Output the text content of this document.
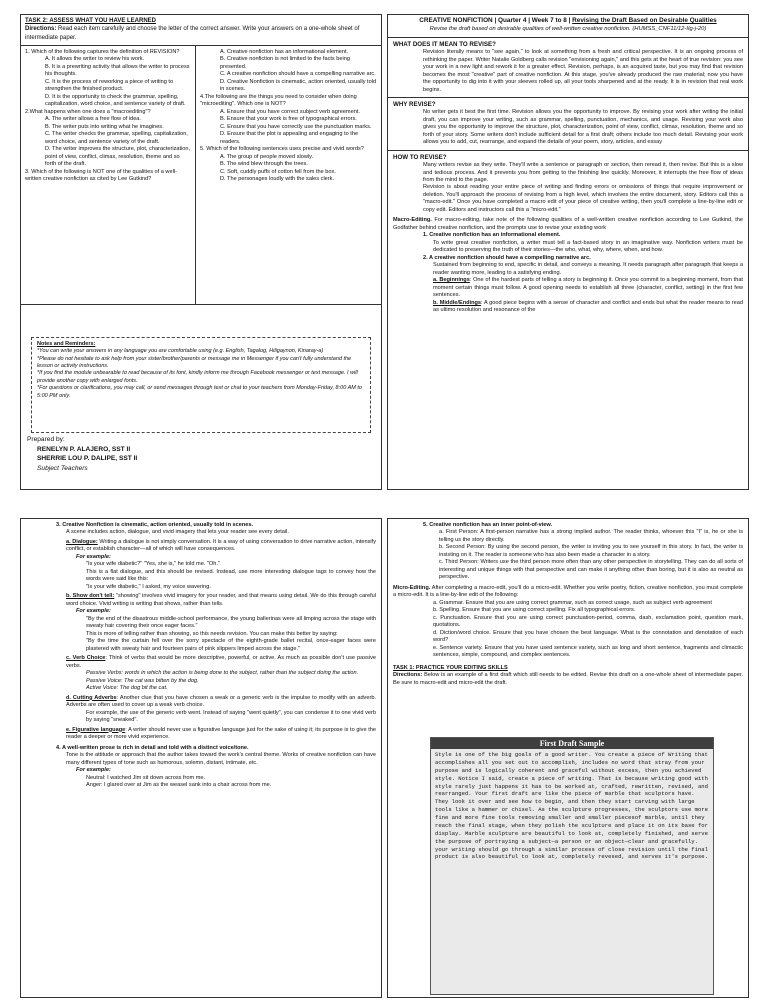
TASK 2: ASSESS WHAT YOU HAVE LEARNED

Directions: Read each item carefully and choose the letter of the correct answer. Write your answers on a one-whole sheet of intermediate paper.

1. Which of the following captures the definition of REVISION?

A. It allows the writer to review his work.

B. It is a prewriting activity that allows the writer to process his thoughts.

C. It is the process of reworking a piece of writing to strengthen the finished product.

D. It is the opportunity to check the grammar, spelling, capitalization, word choice, and sentence variety of draft.

2.What happens when one does a "macroediting"?

A. The writer allows a free flow of idea.

B. The writer puts into writing what he imagines.

C. The writer checks the grammar, spelling, capitalization, word choice, and sentence variety of the draft.

D. The writer improves the structure, plot, characterization, point of view, conflict, climax, resolution, theme and so forth of the draft.

3. Which of the following is NOT one of the qualities of a well-written creative nonfiction as cited by Lee Gutkind?

A. Creative nonfiction has an informational element.

B. Creative nonfiction is not limited to the facts being presented.

C. A creative nonfiction should have a compelling narrative arc.

D. Creative Nonfiction is cinematic, action oriented, usually told in scenes.

4.The following are the things you need to consider when doing "microediting". Which one is NOT?

A. Ensure that you have correct subject verb agreement.

B. Ensure that your work is free of typographical errors.

C. Ensure that you have correctly use the punctuation marks.

D. Ensure that the plot is appealing and engaging to the readers.

5. Which of the following sentences uses precise and vivid words?

A. The group of people moved slowly.

B. The wind blew through the trees.

C. Soft, cuddly puffs of cotton fell from the box.

D. The personages loudly with the sales clerk.

Notes and Reminders:

*You can write your answers in any language you are comfortable using (e.g. English, Tagalog, Hiligaynon, Kinaray-a)

*Please do not hesitate to ask help from your sister/brother/parents or message me in Messenger if you can't fully understand the lesson or activity instructions.

*If you find the module unbearable to read because of its font, kindly inform me through Facebook messenger or text message. I will provide another copy with enlarged fonts.

*For questions or clarifications, you may call, or send messages through text or chat to your teachers from Monday-Friday, 8:00 AM to 5:00 PM only.

Prepared by:

RENELYN P. ALAJERO, SST II

SHERRIE LOU P. DALIPE, SST II

Subject Teachers

CREATIVE NONFICTION | Quarter 4 | Week 7 to 8 | Revising the Draft Based on Desirable Qualities

Revise the draft based on desirable qualities of well-written creative nonfiction. (HUMSS_CNF11/12-IIg-j-20)

WHAT DOES IT MEAN TO REVISE?

Revision literally means to "see again," to look at something from a fresh and critical perspective. It is an ongoing process of rethinking the paper. Writer Natalie Goldberg calls revision "envisioning again," and this gets at the heart of true revision: you see your work in a new light and rework it for a greater effect. Revision, perhaps, is an acquired taste, but you may find that revision becomes the most "creative" part of creative nonfiction. At this stage, you've already produced the raw material; now you have the opportunity to dig into it with your sleeves rolled up, all your tools sharpened and at the ready. It is in revision that real work begins.

WHY REVISE?

No writer gets it best the first time. Revision allows you the opportunity to improve. By revising your work after writing the initial draft, you can improve your writing, such as grammar, spelling, punctuation, mechanics, and usage. Revising your work also gives you the opportunity to improve the structure, plot, characterization, point of view, conflict, climax, resolution, theme and so forth of your story. Some writers don't include sufficient detail for a first draft; others include too much detail. Revising your work allows you to add, cut, rearrange, and expand the details of your poem, story, articles, and essay

HOW TO REVISE?

Many writers revise as they write. They'll write a sentence or paragraph or section, then reread it, then revise. But this is a slow and tedious process. And it prevents you from getting to the finishing line quickly. Moreover, it interrupts the free flow of ideas from the mind to the page.

Revision is about reading your entire piece of writing and finding errors or omissions of things that require improvement or deletion. You'll approach the process of revising from a high level, which involves the entire document, story. Editors call this a "macro-edit." Once you have completed a macro edit of your piece of creative writing, then you'll complete a line-by-line edit or copy edit. Editors and instructors call this a "micro-edit."

Macro-Editing. For macro-editing, take note of the following qualities of a well-written creative nonfiction according to Lee Gutkind, the Godfather behind creative nonfiction, and the prompts use to revise your existing work

1. Creative nonfiction has an informational element.

To write great creative nonfiction, a writer must tell a fact-based story in an imaginative way. Nonfiction writers must be dedicated to preserving the truth of their stories—the who, what, why, where, when, and how.

2. A creative nonfiction should have a compelling narrative arc.

Sustained from beginning to end, specific in detail, and conveys a meaning. It needs paragraph after paragraph that keeps a reader wanting more, leading to a satisfying ending.

a. Beginnings: One of the hardest parts of telling a story is beginning it. Once you commit to a beginning moment, from that moment certain things must follow. A good opening needs to establish all three (character, conflict, setting) in the first few sentences.

b. Middle/Endings: A good piece begins with a sense of character and conflict and ends but what the reader means to read as ultimo resolution and resonance of the

3. Creative Nonfiction is cinematic, action oriented, usually told in scenes.

A scene includes action, dialogue, and vivid imagery that lets your reader see every detail.

a. Dialogue: Writing a dialogue is not simply conversation. It is a way of using conversation to drive narrative action, intensify conflict, or establish character—all of which will have consequences.

For example:

"Is your wife diabetic?" "Yes, she is," he told me. "Oh."

This is a flat dialogue, and this should be revised. Instead, use more interesting dialogue tags to convey how the words were said like this:

"Is your wife diabetic," I asked, my voice wavering.

b. Show don't tell: "showing" involves vivid imagery for your reader, and that means using detail. We do this through careful word choice. Vivid writing is writing that shows, rather than tells.

For example:

"By the end of the disastrous middle-school performance, the young ballerinas were all limping across the stage with sweaty hair covering their once eager faces."

This is more of telling rather than showing, so this needs revision. You can make this better by saying:

"By the time the curtain fell over the sorry spectacle of the eighth-grade ballet recital, once-eager faces were plastered with sweaty hair and fourteen pairs of pink slippers limped across the stage."

c. Verb Choice: Think of verbs that would be more descriptive, powerful, or active. As much as possible don't use passive verbs.

Passive Verbs: words in which the action is being done to the subject, rather than the subject doing the action.

Passive Voice: The cat was bitten by the dog.

Active Voice: The dog bit the cat.

d. Cutting Adverbs: Another clue that you have chosen a weak or a generic verb is the impulse to modify with an adverb. Adverbs are often used to cover up a weak verb choice.

For example, the use of the generic verb went. Instead of saying "went quietly", you can condense it to one vivid verb by saying "sneaked".

e. Figurative language: A writer should never use a figurative language just for the sake of using it; its purpose is to give the reader a deeper or more vivid experience.

4. A well-written prose is rich in detail and told with a distinct voice/tone.

Tone is the attitude or approach that the author takes toward the work's central theme. Works of creative nonfiction can have many different types of tone such as humorous, solemn, distant, intimate, etc.

For example:

Neutral: I watched Jim sit down across from me.

Anger: I glared over at Jim as the weasel sank into a chair across from me.

5. Creative nonfiction has an inner point-of-view.

a. First Person: A first-person narrative has a strong implied author. The reader thinks, whoever this "I" is, he or she is telling us the story directly.

b. Second Person: By using the second person, the writer is inviting you to see yourself in this story. In fact, the writer is insisting on it. The reader is someone who has also been made a character in a story.

c. Third Person: Writers use the third person more often than any other perspective in storytelling. They can do all sorts of interesting and unique things with that perspective and can make it anything other than boring, but it is also as neutral as perspective.

Micro-Editing. After completing a macro-edit, you'll do a micro-edit. Whether you write poetry, fiction, creative nonfiction, you must complete a micro-edit. It is a line-by-line edit of the following:

a. Grammar. Ensure that you are using correct grammar, such as correct usage, such as subject verb agreement

b. Spelling. Ensure that you are using correct spelling. Fix all typographical errors.

c. Punctuation. Ensure that you are using correct punctuation-period, comma, dash, exclamation point, question mark, quotations.

d. Diction/word choice. Ensure that you have chosen the best language. What is the connotation and denotation of each word?

e. Sentence variety. Ensure that you have used sentence variety, such as long and short sentence, fragments and climactic sentences, simple, compound, and complex sentences.

TASK 1: PRACTICE YOUR EDITING SKILLS

Directions: Below is an example of a first draft which still needs to be edited. Revise this draft on a one-whole sheet of intermediate paper. Be sure to macro-edit and micro-edit the draft.

First Draft Sample
Style is one of the big goals of a good writer. You create a piece of Writing that accomplishes all you set out to accomplish, includes no word that stray from your purpose and is logically coherent and graceful without excess, then you achieved style. Notice I said, create a piece of writing. That is because writing good with style rarely just happens it has to be worked at, crafted, rewritten, revised, and rearranged. Your first draft are like the piece of marble that sculptors have. They look it over and see how to begin, and then they start carving with large tools like a hammer or chisel. As the sculpture progresses, the sculptors use more fine and more fine tools removing smaller and smaller piecesof marble, until they reach the final stage, when they polish the sculpture and place it on its base for display. Marble sculpture are beautiful to look at, completely finished, and serve the purpose of portraying a subject—a person or an object—clear and gracefully. your writing should go through a similar process of close revision until the final product is also beautiful to look at, completely revesed, and serves it's purpose.
